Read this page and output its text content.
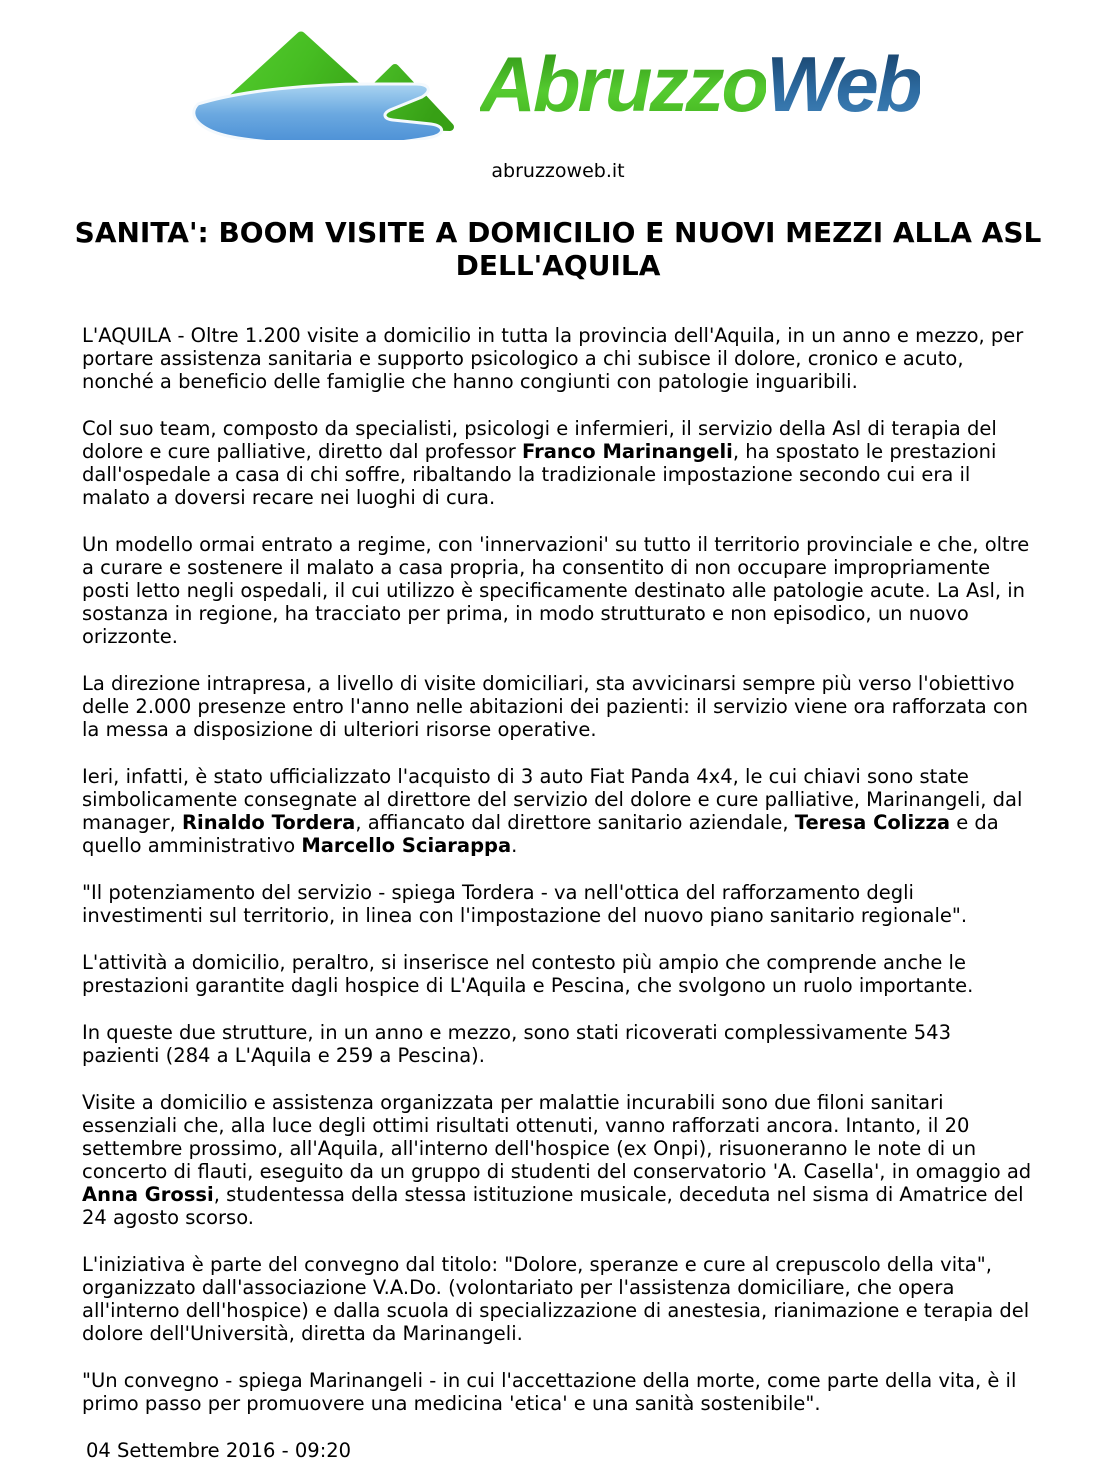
AbruzzoWeb
abruzzoweb.it
SANITA': BOOM VISITE A DOMICILIO E NUOVI MEZZI ALLA ASL DELL'AQUILA

L'AQUILA - Oltre 1.200 visite a domicilio in tutta la provincia dell'Aquila, in un anno e mezzo, per portare assistenza sanitaria e supporto psicologico a chi subisce il dolore, cronico e acuto, nonché a beneficio delle famiglie che hanno congiunti con patologie inguaribili.

Col suo team, composto da specialisti, psicologi e infermieri, il servizio della Asl di terapia del dolore e cure palliative, diretto dal professor Franco Marinangeli, ha spostato le prestazioni dall'ospedale a casa di chi soffre, ribaltando la tradizionale impostazione secondo cui era il malato a doversi recare nei luoghi di cura.

Un modello ormai entrato a regime, con 'innervazioni' su tutto il territorio provinciale e che, oltre a curare e sostenere il malato a casa propria, ha consentito di non occupare impropriamente posti letto negli ospedali, il cui utilizzo è specificamente destinato alle patologie acute. La Asl, in sostanza in regione, ha tracciato per prima, in modo strutturato e non episodico, un nuovo orizzonte.

La direzione intrapresa, a livello di visite domiciliari, sta avvicinarsi sempre più verso l'obiettivo delle 2.000 presenze entro l'anno nelle abitazioni dei pazienti: il servizio viene ora rafforzata con la messa a disposizione di ulteriori risorse operative.

Ieri, infatti, è stato ufficializzato l'acquisto di 3 auto Fiat Panda 4x4, le cui chiavi sono state simbolicamente consegnate al direttore del servizio del dolore e cure palliative, Marinangeli, dal manager, Rinaldo Tordera, affiancato dal direttore sanitario aziendale, Teresa Colizza e da quello amministrativo Marcello Sciarappa.

"Il potenziamento del servizio - spiega Tordera - va nell'ottica del rafforzamento degli investimenti sul territorio, in linea con l'impostazione del nuovo piano sanitario regionale".

L'attività a domicilio, peraltro, si inserisce nel contesto più ampio che comprende anche le prestazioni garantite dagli hospice di L'Aquila e Pescina, che svolgono un ruolo importante.

In queste due strutture, in un anno e mezzo, sono stati ricoverati complessivamente 543 pazienti (284 a L'Aquila e 259 a Pescina).

Visite a domicilio e assistenza organizzata per malattie incurabili sono due filoni sanitari essenziali che, alla luce degli ottimi risultati ottenuti, vanno rafforzati ancora. Intanto, il 20 settembre prossimo, all'Aquila, all'interno dell'hospice (ex Onpi), risuoneranno le note di un concerto di flauti, eseguito da un gruppo di studenti del conservatorio 'A. Casella', in omaggio ad Anna Grossi, studentessa della stessa istituzione musicale, deceduta nel sisma di Amatrice del 24 agosto scorso.

L'iniziativa è parte del convegno dal titolo: "Dolore, speranze e cure al crepuscolo della vita", organizzato dall'associazione V.A.Do. (volontariato per l'assistenza domiciliare, che opera all'interno dell'hospice) e dalla scuola di specializzazione di anestesia, rianimazione e terapia del dolore dell'Università, diretta da Marinangeli.

"Un convegno - spiega Marinangeli - in cui l'accettazione della morte, come parte della vita, è il primo passo per promuovere una medicina 'etica' e una sanità sostenibile".

04 Settembre 2016 - 09:20
